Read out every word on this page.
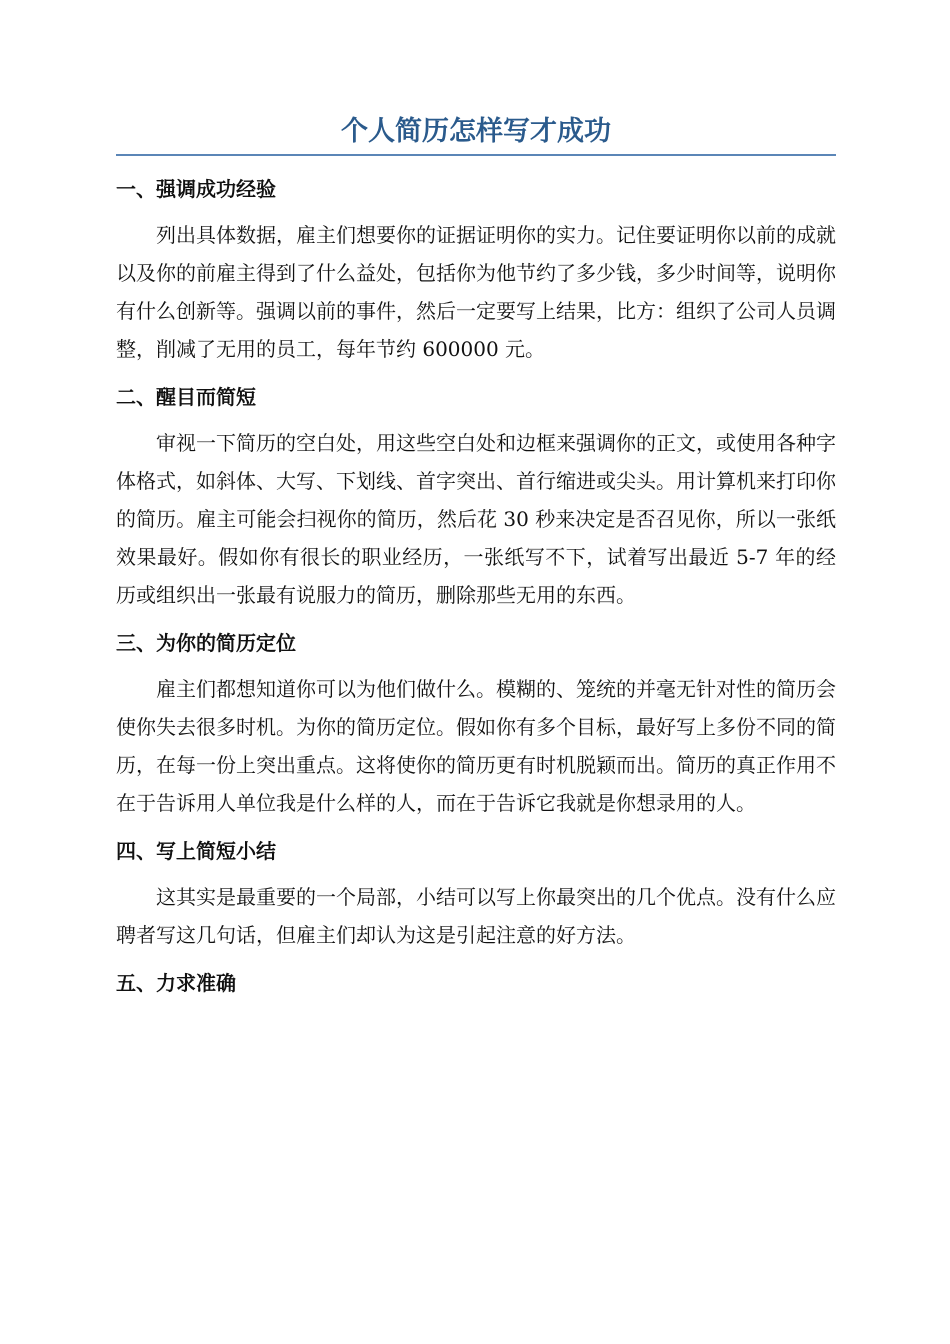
个人简历怎样写才成功
一、强调成功经验

列出具体数据，雇主们想要你的证据证明你的实力。记住要证明你以前的成就以及你的前雇主得到了什么益处，包括你为他节约了多少钱，多少时间等，说明你有什么创新等。强调以前的事件，然后一定要写上结果，比方：组织了公司人员调整，削减了无用的员工，每年节约 600000 元。

二、醒目而简短

审视一下简历的空白处，用这些空白处和边框来强调你的正文，或使用各种字体格式，如斜体、大写、下划线、首字突出、首行缩进或尖头。用计算机来打印你的简历。雇主可能会扫视你的简历，然后花 30 秒来决定是否召见你，所以一张纸效果最好。假如你有很长的职业经历，一张纸写不下，试着写出最近 5-7 年的经历或组织出一张最有说服力的简历，删除那些无用的东西。

三、为你的简历定位

雇主们都想知道你可以为他们做什么。模糊的、笼统的并毫无针对性的简历会使你失去很多时机。为你的简历定位。假如你有多个目标，最好写上多份不同的简历，在每一份上突出重点。这将使你的简历更有时机脱颖而出。简历的真正作用不在于告诉用人单位我是什么样的人，而在于告诉它我就是你想录用的人。

四、写上简短小结

这其实是最重要的一个局部，小结可以写上你最突出的几个优点。没有什么应聘者写这几句话，但雇主们却认为这是引起注意的好方法。

五、力求准确
